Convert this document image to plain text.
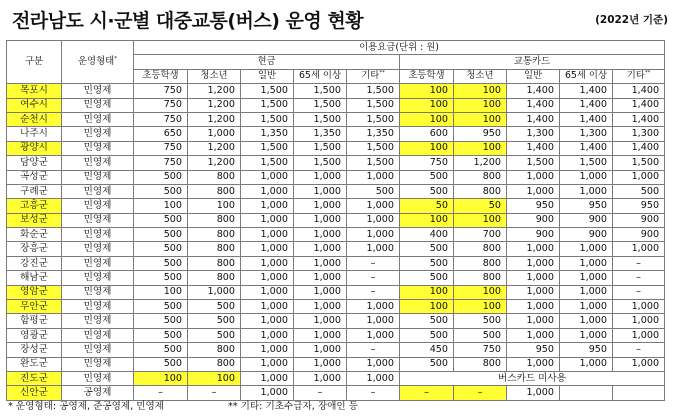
전라남도 시·군별 대중교통(버스) 운영 현황	(2022년 기준)
구분	운영형태*	이용요금(단위 : 원)									
		현금					교통카드				
		초등학생	청소년	일반	65세 이상	기타**	초등학생	청소년	일반	65세 이상	기타**
목포시	민영제	750	1,200	1,500	1,500	1,500	100	100	1,400	1,400	1,400
여수시	민영제	750	1,200	1,500	1,500	1,500	100	100	1,400	1,400	1,400
순천시	민영제	750	1,200	1,500	1,500	1,500	100	100	1,400	1,400	1,400
나주시	민영제	650	1,000	1,350	1,350	1,350	600	950	1,300	1,300	1,300
광양시	민영제	750	1,200	1,500	1,500	1,500	100	100	1,400	1,400	1,400
담양군	민영제	750	1,200	1,500	1,500	1,500	750	1,200	1,500	1,500	1,500
곡성군	민영제	500	800	1,000	1,000	1,000	500	800	1,000	1,000	1,000
구례군	민영제	500	800	1,000	1,000	500	500	800	1,000	1,000	500
고흥군	민영제	100	100	1,000	1,000	1,000	50	50	950	950	950
보성군	민영제	500	800	1,000	1,000	1,000	100	100	900	900	900
화순군	민영제	500	800	1,000	1,000	1,000	400	700	900	900	900
장흥군	민영제	500	800	1,000	1,000	1,000	500	800	1,000	1,000	1,000
강진군	민영제	500	800	1,000	1,000	–	500	800	1,000	1,000	–
해남군	민영제	500	800	1,000	1,000	–	500	800	1,000	1,000	–
영암군	민영제	100	1,000	1,000	1,000	–	100	100	1,000	1,000	–
무안군	민영제	500	500	1,000	1,000	1,000	100	100	1,000	1,000	1,000
함평군	민영제	500	500	1,000	1,000	1,000	500	500	1,000	1,000	1,000
영광군	민영제	500	500	1,000	1,000	1,000	500	500	1,000	1,000	1,000
장성군	민영제	500	800	1,000	1,000	–	450	750	950	950	–
완도군	민영제	500	800	1,000	1,000	1,000	500	800	1,000	1,000	1,000
진도군	민영제	100	100	1,000	1,000	1,000	버스카드 미사용				
신안군	공영제	–	–	1,000	–	–	–	–	1,000		
* 운영형태: 공영제, 준공영제, 민영제	** 기타: 기초수급자, 장애인 등
